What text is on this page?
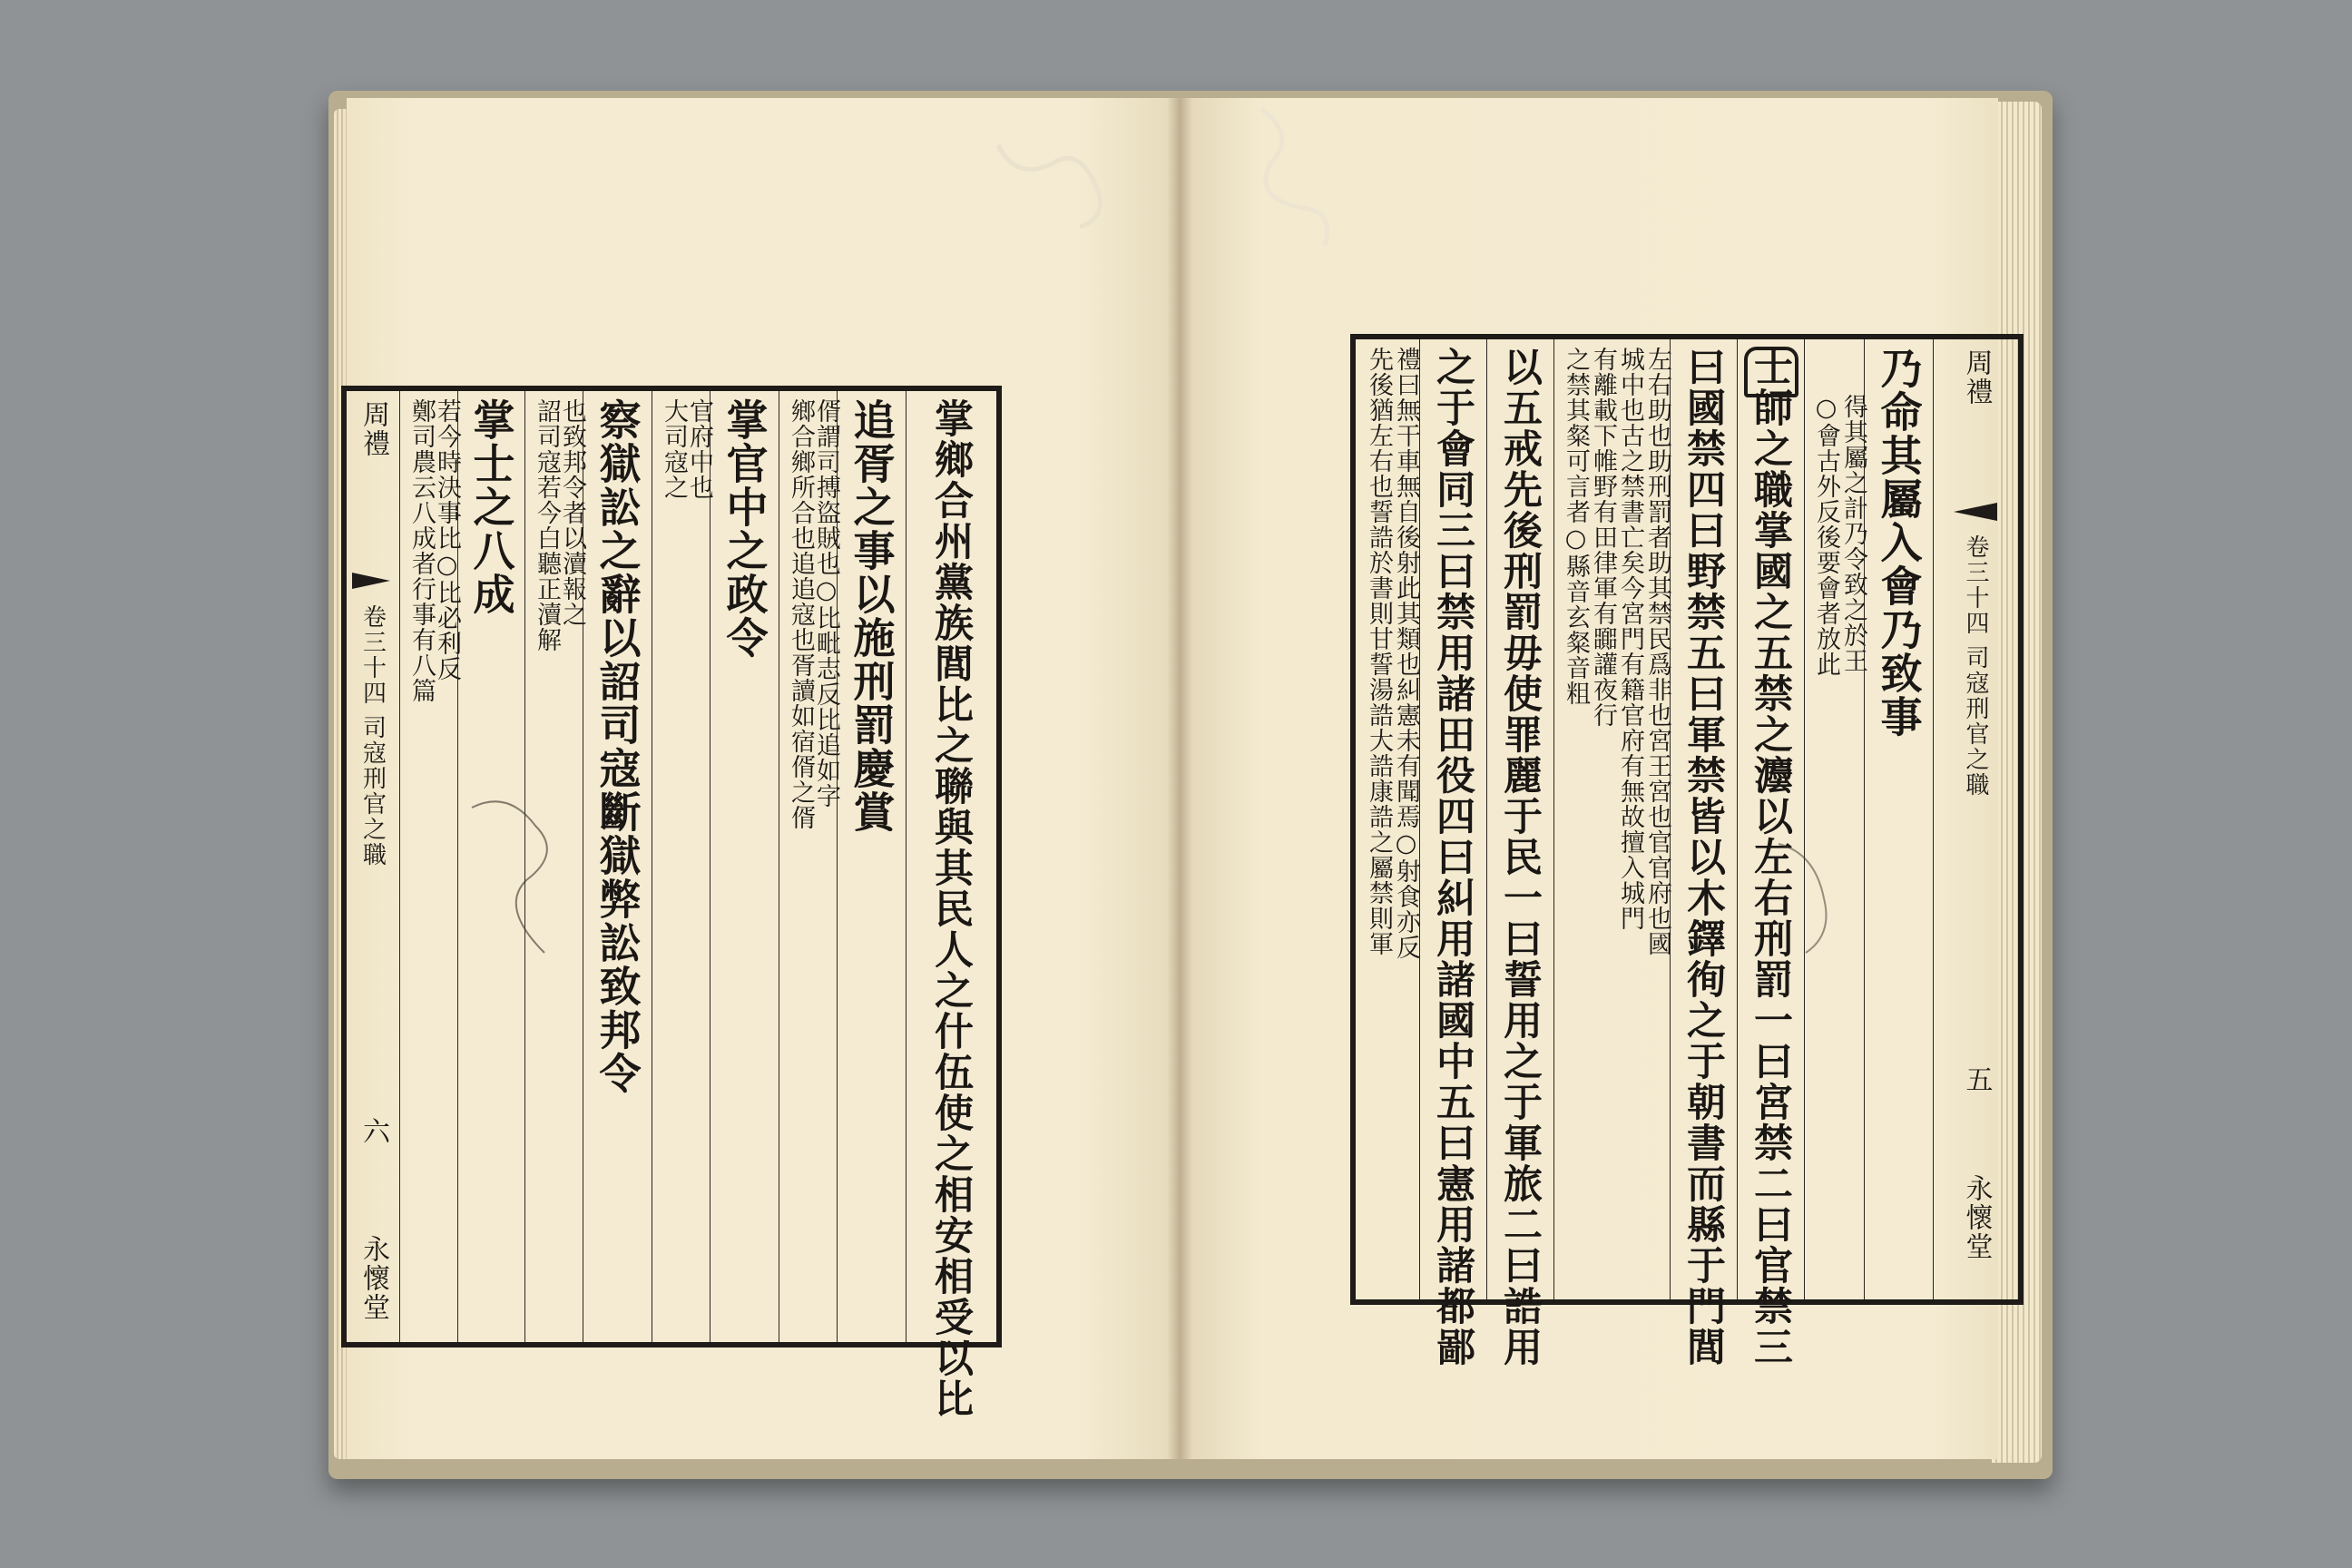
周禮
卷三十四 司寇刑官之職
六
永懷堂
鄭司農云八成者行事有八篇
若今時決事比○比必利反 掌士之八成 詔司寇若今白聽正瀆解
也致邦令者以瀆報之 察獄訟之辭以詔司寇斷獄弊訟致邦令 大司寇之
官府中也 掌官中之政令 鄉合鄉所合也追追寇也胥讀如宿偦之偦
偦謂司搏盜賊也○比毗志反比追如字 追胥之事以施刑罰慶賞 掌鄉合州黨族閭比之聯與其民人之什伍使之相安相受以比	先後猶左右也誓誥於書則甘誓湯誥大誥康誥之屬禁則軍 禮曰無干車無自後射此其類也糾憲未有聞焉○射食亦反 之于會同三曰禁用諸田役四曰糾用諸國中五曰憲用諸都鄙 以五戒先後刑罰毋使罪麗于民一曰誓用之于軍旅二曰誥用 之禁其粲可言者○縣音玄粲音粗 有離載下帷野有田律軍有嚻讙夜行 城中也古之禁書亡矣今宮門有籍官府有無故擅入城門 左右助也助刑罰者助其禁民爲非也宮王宮也官官府也國 曰國禁四曰野禁五曰軍禁皆以木鐸徇之于朝書而縣于門閭 士師之職掌國之五禁之灋以左右刑罰一曰宮禁二曰官禁三 ○會古外反後要會者放此 得其屬之計乃令致之於王 乃命其屬入會乃致事 周禮
卷三十四 司寇刑官之職
五
永懷堂
